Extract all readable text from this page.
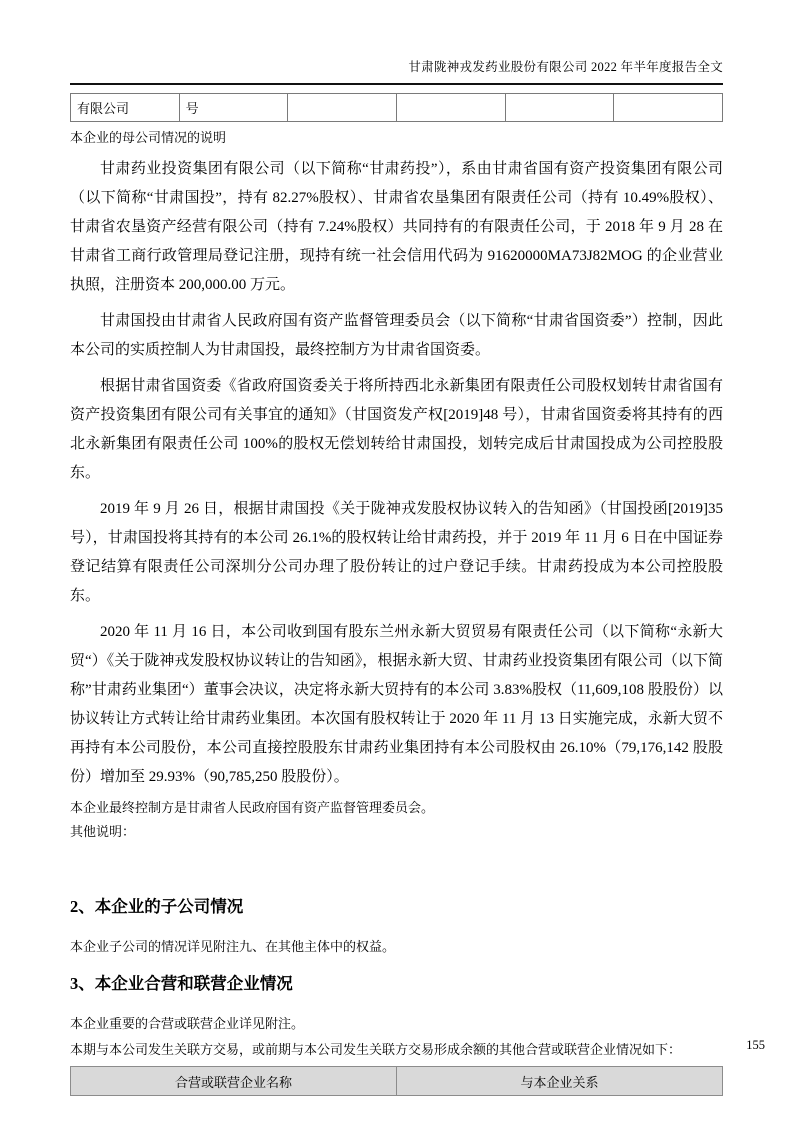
甘肃陇神戎发药业股份有限公司 2022 年半年度报告全文
有限公司	号				
本企业的母公司情况的说明

甘肃药业投资集团有限公司（以下简称“甘肃药投”），系由甘肃省国有资产投资集团有限公司（以下简称“甘肃国投”，持有 82.27%股权）、甘肃省农垦集团有限责任公司（持有 10.49%股权）、甘肃省农垦资产经营有限公司（持有 7.24%股权）共同持有的有限责任公司，于 2018 年 9 月 28 在甘肃省工商行政管理局登记注册，现持有统一社会信用代码为 91620000MA73J82MOG 的企业营业执照，注册资本 200,000.00 万元。

甘肃国投由甘肃省人民政府国有资产监督管理委员会（以下简称“甘肃省国资委”）控制，因此本公司的实质控制人为甘肃国投，最终控制方为甘肃省国资委。

根据甘肃省国资委《省政府国资委关于将所持西北永新集团有限责任公司股权划转甘肃省国有资产投资集团有限公司有关事宜的通知》（甘国资发产权[2019]48 号），甘肃省国资委将其持有的西北永新集团有限责任公司 100%的股权无偿划转给甘肃国投，划转完成后甘肃国投成为公司控股股东。

2019 年 9 月 26 日，根据甘肃国投《关于陇神戎发股权协议转入的告知函》（甘国投函[2019]35 号），甘肃国投将其持有的本公司 26.1%的股权转让给甘肃药投，并于 2019 年 11 月 6 日在中国证券登记结算有限责任公司深圳分公司办理了股份转让的过户登记手续。甘肃药投成为本公司控股股东。

2020 年 11 月 16 日，本公司收到国有股东兰州永新大贸贸易有限责任公司（以下简称“永新大贸“）《关于陇神戎发股权协议转让的告知函》，根据永新大贸、甘肃药业投资集团有限公司（以下简称”甘肃药业集团“）董事会决议，决定将永新大贸持有的本公司 3.83%股权（11,609,108 股股份）以协议转让方式转让给甘肃药业集团。本次国有股权转让于 2020 年 11 月 13 日实施完成，永新大贸不再持有本公司股份，本公司直接控股股东甘肃药业集团持有本公司股权由 26.10%（79,176,142 股股份）增加至 29.93%（90,785,250 股股份）。

本企业最终控制方是甘肃省人民政府国有资产监督管理委员会。
其他说明：
2、本企业的子公司情况
本企业子公司的情况详见附注九、在其他主体中的权益。
3、本企业合营和联营企业情况
本企业重要的合营或联营企业详见附注。
本期与本公司发生关联方交易，或前期与本公司发生关联方交易形成余额的其他合营或联营企业情况如下：
合营或联营企业名称	与本企业关系
155
